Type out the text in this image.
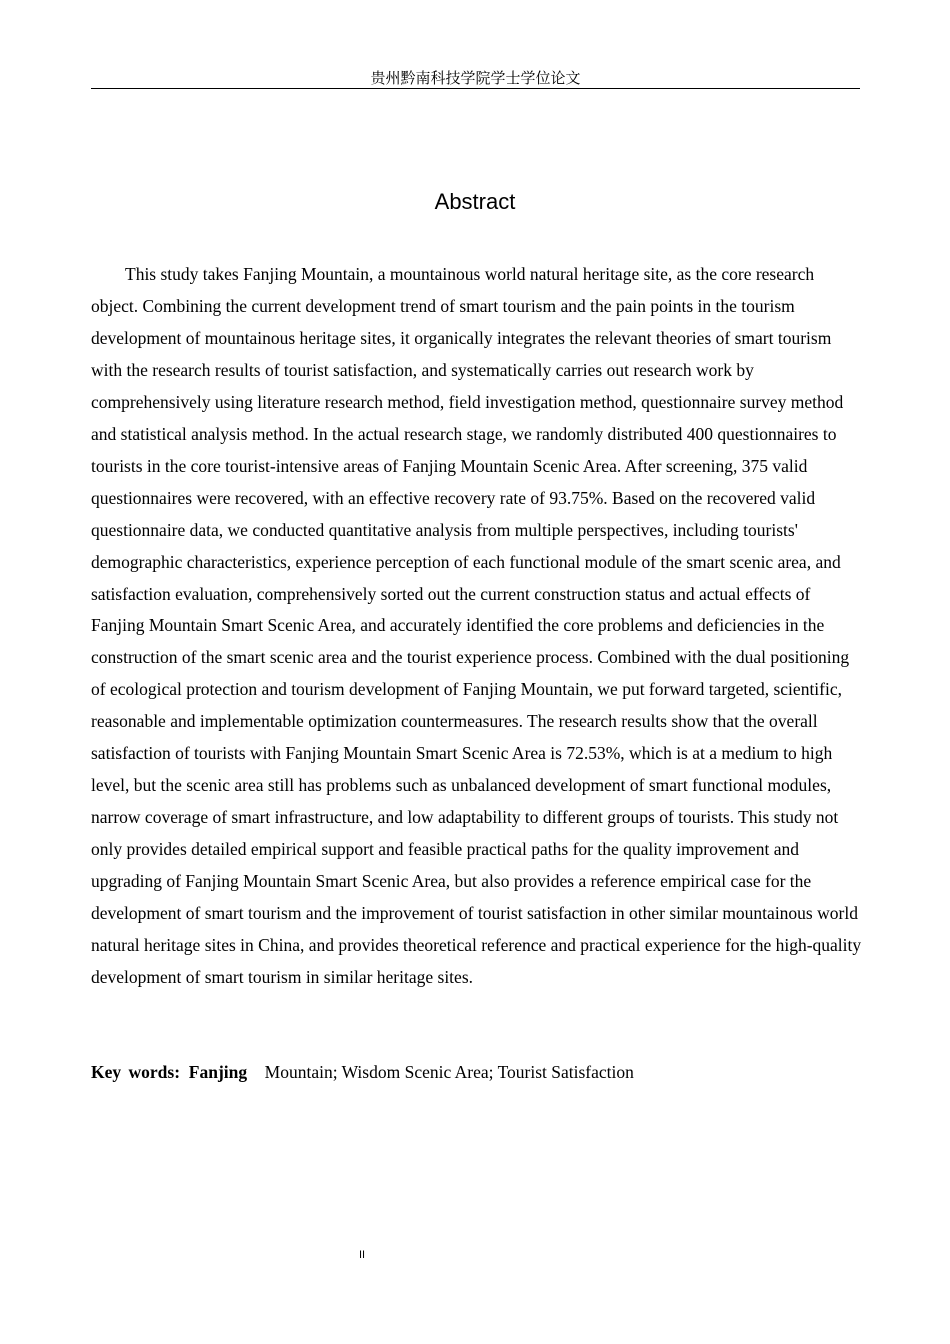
贵州黔南科技学院学士学位论文
Abstract

This study takes Fanjing Mountain, a mountainous world natural heritage site, as the core research object. Combining the current development trend of smart tourism and the pain points in the tourism development of mountainous heritage sites, it organically integrates the relevant theories of smart tourism with the research results of tourist satisfaction, and systematically carries out research work by comprehensively using literature research method, field investigation method, questionnaire survey method and statistical analysis method. In the actual research stage, we randomly distributed 400 questionnaires to tourists in the core tourist-intensive areas of Fanjing Mountain Scenic Area. After screening, 375 valid questionnaires were recovered, with an effective recovery rate of 93.75%. Based on the recovered valid questionnaire data, we conducted quantitative analysis from multiple perspectives, including tourists' demographic characteristics, experience perception of each functional module of the smart scenic area, and satisfaction evaluation, comprehensively sorted out the current construction status and actual effects of Fanjing Mountain Smart Scenic Area, and accurately identified the core problems and deficiencies in the construction of the smart scenic area and the tourist experience process. Combined with the dual positioning of ecological protection and tourism development of Fanjing Mountain, we put forward targeted, scientific, reasonable and implementable optimization countermeasures. The research results show that the overall satisfaction of tourists with Fanjing Mountain Smart Scenic Area is 72.53%, which is at a medium to high level, but the scenic area still has problems such as unbalanced development of smart functional modules, narrow coverage of smart infrastructure, and low adaptability to different groups of tourists. This study not only provides detailed empirical support and feasible practical paths for the quality improvement and upgrading of Fanjing Mountain Smart Scenic Area, but also provides a reference empirical case for the development of smart tourism and the improvement of tourist satisfaction in other similar mountainous world natural heritage sites in China, and provides theoretical reference and practical experience for the high-quality development of smart tourism in similar heritage sites.

Key words: Fanjing Mountain; Wisdom Scenic Area; Tourist Satisfaction
II
